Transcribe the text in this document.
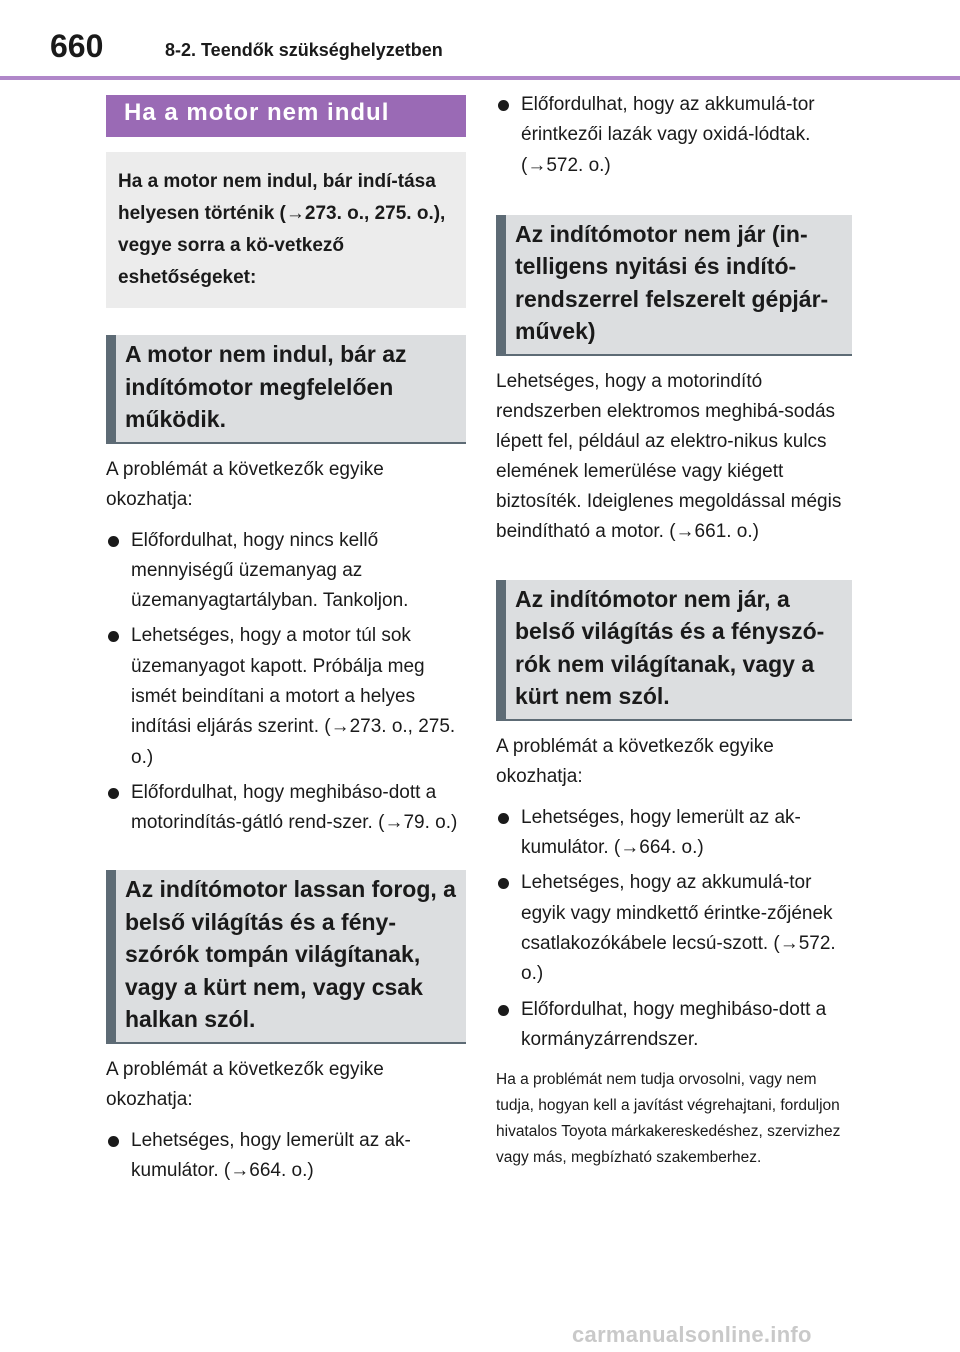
660	8-2. Teendők szükséghelyzetben
Ha a motor nem indul
Ha a motor nem indul, bár indí-tása helyesen történik (→273. o., 275. o.), vegye sorra a kö-vetkező eshetőségeket:
A motor nem indul, bár az indítómotor megfelelően működik.

A problémát a következők egyike okozhatja:

Előfordulhat, hogy nincs kellő mennyiségű üzemanyag az üzemanyagtartályban. Tankoljon.
Lehetséges, hogy a motor túl sok üzemanyagot kapott. Próbálja meg ismét beindítani a motort a helyes indítási eljárás szerint. (→273. o., 275. o.)
Előfordulhat, hogy meghibáso-dott a motorindítás-gátló rend-szer. (→79. o.)
Az indítómotor lassan forog, a belső világítás és a fény-szórók tompán világítanak, vagy a kürt nem, vagy csak halkan szól.

A problémát a következők egyike okozhatja:

Lehetséges, hogy lemerült az ak-kumulátor. (→664. o.)
Előfordulhat, hogy az akkumulá-tor érintkezői lazák vagy oxidá-lódtak. (→572. o.)
Az indítómotor nem jár (in-telligens nyitási és indító-rendszerrel felszerelt gépjár-művek)

Lehetséges, hogy a motorindító rendszerben elektromos meghibá-sodás lépett fel, például az elektro-nikus kulcs elemének lemerülése vagy kiégett biztosíték. Ideiglenes megoldással mégis beindítható a motor. (→661. o.)

Az indítómotor nem jár, a belső világítás és a fényszó-rók nem világítanak, vagy a kürt nem szól.

A problémát a következők egyike okozhatja:

Lehetséges, hogy lemerült az ak-kumulátor. (→664. o.)
Lehetséges, hogy az akkumulá-tor egyik vagy mindkettő érintke-zőjének csatlakozókábele lecsú-szott. (→572. o.)
Előfordulhat, hogy meghibáso-dott a kormányzárrendszer.

Ha a problémát nem tudja orvosolni, vagy nem tudja, hogyan kell a javítást végrehajtani, forduljon hivatalos Toyota márkakereskedéshez, szervizhez vagy más, megbízható szakemberhez.

carmanualsonline.info
